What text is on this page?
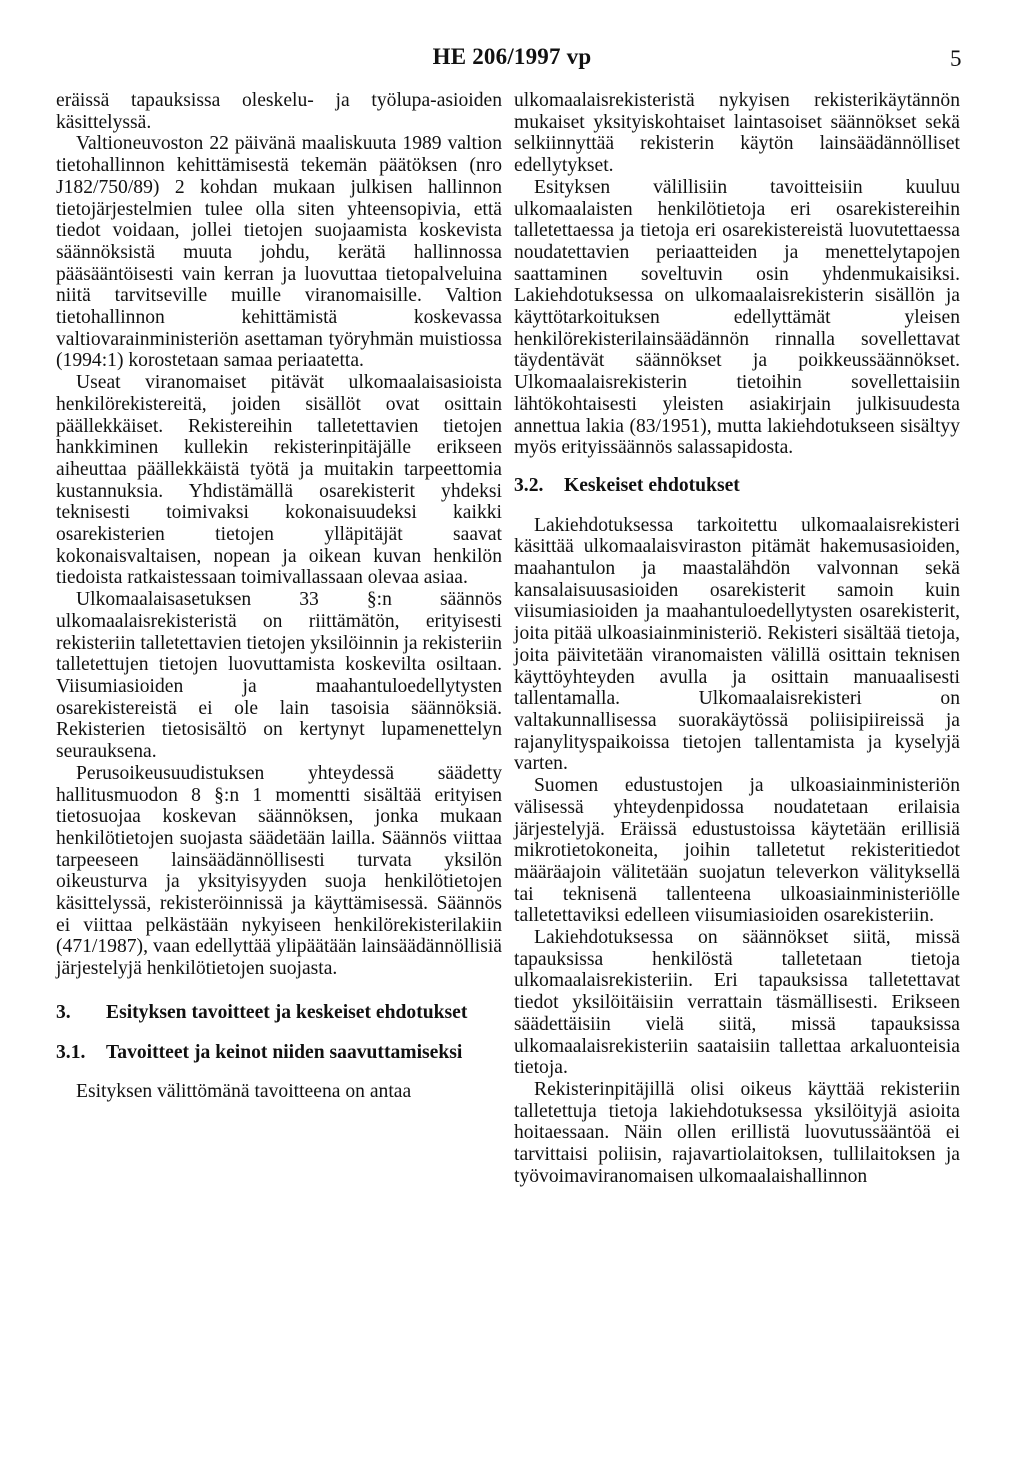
HE 206/1997 vp	5

eräissä tapauksissa oleskelu- ja työlupa-asioiden käsittelyssä.

Valtioneuvoston 22 päivänä maaliskuuta 1989 valtion tietohallinnon kehittämisestä tekemän päätöksen (nro J182/750/89) 2 kohdan mukaan julkisen hallinnon tietojärjestelmien tulee olla siten yhteensopivia, että tiedot voidaan, jollei tietojen suojaamista koskevista säännöksistä muuta johdu, kerätä hallinnossa pääsääntöisesti vain kerran ja luovuttaa tietopalveluina niitä tarvitseville muille viranomaisille. Valtion tietohallinnon kehittämistä koskevassa valtiovarainministeriön asettaman työryhmän muistiossa (1994:1) korostetaan samaa periaatetta.

Useat viranomaiset pitävät ulkomaalaisasioista henkilörekistereitä, joiden sisällöt ovat osittain päällekkäiset. Rekistereihin talletettavien tietojen hankkiminen kullekin rekisterinpitäjälle erikseen aiheuttaa päällekkäistä työtä ja muitakin tarpeettomia kustannuksia. Yhdistämällä osarekisterit yhdeksi teknisesti toimivaksi kokonaisuudeksi kaikki osarekisterien tietojen ylläpitäjät saavat kokonaisvaltaisen, nopean ja oikean kuvan henkilön tiedoista ratkaistessaan toimivallassaan olevaa asiaa.

Ulkomaalaisasetuksen 33 §:n säännös ulkomaalaisrekisteristä on riittämätön, erityisesti rekisteriin talletettavien tietojen yksilöinnin ja rekisteriin talletettujen tietojen luovuttamista koskevilta osiltaan. Viisumiasioiden ja maahantuloedellytysten osarekistereistä ei ole lain tasoisia säännöksiä. Rekisterien tietosisältö on kertynyt lupamenettelyn seurauksena.

Perusoikeusuudistuksen yhteydessä säädetty hallitusmuodon 8 §:n 1 momentti sisältää erityisen tietosuojaa koskevan säännöksen, jonka mukaan henkilötietojen suojasta säädetään lailla. Säännös viittaa tarpeeseen lainsäädännöllisesti turvata yksilön oikeusturva ja yksityisyyden suoja henkilötietojen käsittelyssä, rekisteröinnissä ja käyttämisessä. Säännös ei viittaa pelkästään nykyiseen henkilörekisterilakiin (471/1987), vaan edellyttää ylipäätään lainsäädännöllisiä järjestelyjä henkilötietojen suojasta.

3.	Esityksen tavoitteet ja keskeiset ehdotukset
3.1.	Tavoitteet ja keinot niiden saavuttamiseksi

Esityksen välittömänä tavoitteena on antaa

ulkomaalaisrekisteristä nykyisen rekisterikäytännön mukaiset yksityiskohtaiset laintasoiset säännökset sekä selkiinnyttää rekisterin käytön lainsäädännölliset edellytykset.

Esityksen välillisiin tavoitteisiin kuuluu ulkomaalaisten henkilötietoja eri osarekistereihin talletettaessa ja tietoja eri osarekistereistä luovutettaessa noudatettavien periaatteiden ja menettelytapojen saattaminen soveltuvin osin yhdenmukaisiksi. Lakiehdotuksessa on ulkomaalaisrekisterin sisällön ja käyttötarkoituksen edellyttämät yleisen henkilörekisterilainsäädännön rinnalla sovellettavat täydentävät säännökset ja poikkeussäännökset. Ulkomaalaisrekisterin tietoihin sovellettaisiin lähtökohtaisesti yleisten asiakirjain julkisuudesta annettua lakia (83/1951), mutta lakiehdotukseen sisältyy myös erityissäännös salassapidosta.

3.2.	Keskeiset ehdotukset

Lakiehdotuksessa tarkoitettu ulkomaalaisrekisteri käsittää ulkomaalaisviraston pitämät hakemusasioiden, maahantulon ja maastalähdön valvonnan sekä kansalaisuusasioiden osarekisterit samoin kuin viisumiasioiden ja maahantuloedellytysten osarekisterit, joita pitää ulkoasiainministeriö. Rekisteri sisältää tietoja, joita päivitetään viranomaisten välillä osittain teknisen käyttöyhteyden avulla ja osittain manuaalisesti tallentamalla. Ulkomaalaisrekisteri on valtakunnallisessa suorakäytössä poliisipiireissä ja rajanylityspaikoissa tietojen tallentamista ja kyselyjä varten.

Suomen edustustojen ja ulkoasiainministeriön välisessä yhteydenpidossa noudatetaan erilaisia järjestelyjä. Eräissä edustustoissa käytetään erillisiä mikrotietokoneita, joihin talletetut rekisteritiedot määräajoin välitetään suojatun televerkon välityksellä tai teknisenä tallenteena ulkoasiainministeriölle talletettaviksi edelleen viisumiasioiden osarekisteriin.

Lakiehdotuksessa on säännökset siitä, missä tapauksissa henkilöstä talletetaan tietoja ulkomaalaisrekisteriin. Eri tapauksissa talletettavat tiedot yksilöitäisiin verrattain täsmällisesti. Erikseen säädettäisiin vielä siitä, missä tapauksissa ulkomaalaisrekisteriin saataisiin tallettaa arkaluonteisia tietoja.

Rekisterinpitäjillä olisi oikeus käyttää rekisteriin talletettuja tietoja lakiehdotuksessa yksilöityjä asioita hoitaessaan. Näin ollen erillistä luovutussääntöä ei tarvittaisi poliisin, rajavartiolaitoksen, tullilaitoksen ja työvoimaviranomaisen ulkomaalaishallinnon
